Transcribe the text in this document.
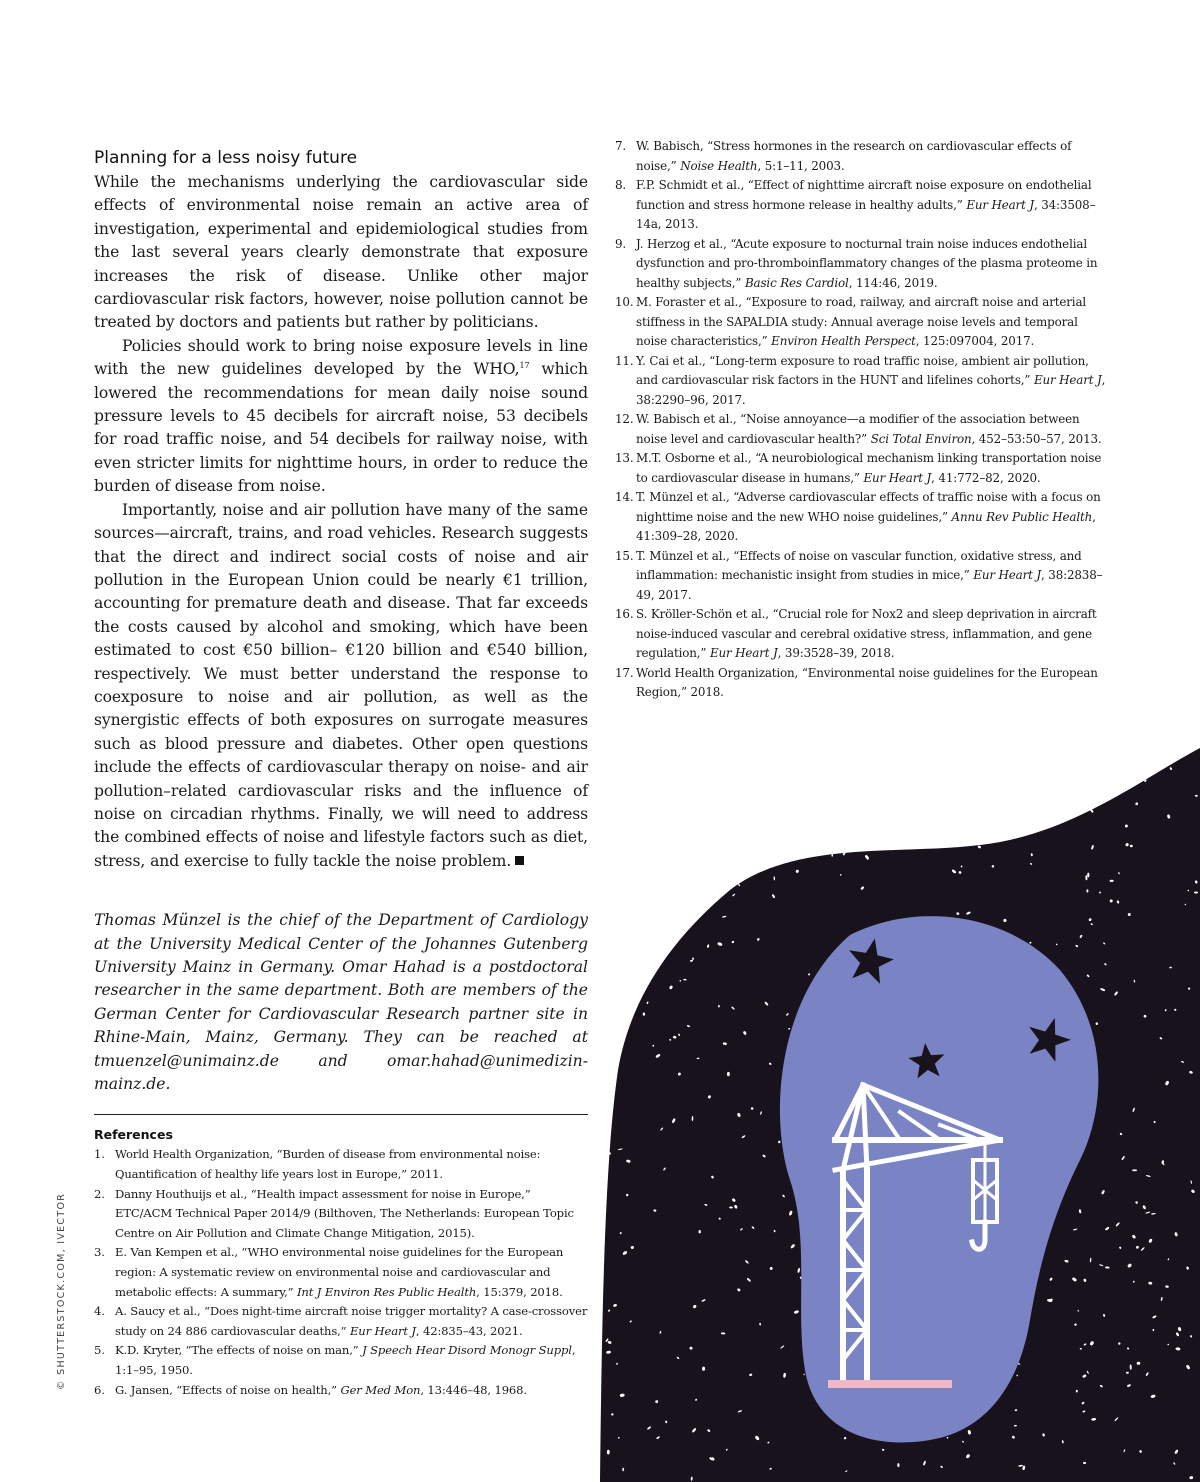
Planning for a less noisy future

While the mechanisms underlying the cardiovascular side effects of environmental noise remain an active area of investigation, experimental and epidemiological studies from the last several years clearly demonstrate that exposure increases the risk of disease. Unlike other major cardiovascular risk factors, however, noise pollution cannot be treated by doctors and patients but rather by politicians.

Policies should work to bring noise exposure levels in line with the new guidelines developed by the WHO,$^{17}$ which lowered the recommendations for mean daily noise sound pressure levels to 45 decibels for aircraft noise, 53 decibels for road traffic noise, and 54 decibels for railway noise, with even stricter limits for nighttime hours, in order to reduce the burden of disease from noise.

Importantly, noise and air pollution have many of the same sources—aircraft, trains, and road vehicles. Research suggests that the direct and indirect social costs of noise and air pollution in the European Union could be nearly €1 trillion, accounting for premature death and disease. That far exceeds the costs caused by alcohol and smoking, which have been estimated to cost €50 billion– €120 billion and €540 billion, respectively. We must better understand the response to coexposure to noise and air pollution, as well as the synergistic effects of both exposures on surrogate measures such as blood pressure and diabetes. Other open questions include the effects of cardiovascular therapy on noise- and air pollution–related cardiovascular risks and the influence of noise on circadian rhythms. Finally, we will need to address the combined effects of noise and lifestyle factors such as diet, stress, and exercise to fully tackle the noise problem.

Thomas Münzel is the chief of the Department of Cardiology at the University Medical Center of the Johannes Gutenberg University Mainz in Germany. Omar Hahad is a postdoctoral researcher in the same department. Both are members of the German Center for Cardiovascular Research partner site in Rhine-Main, Mainz, Germany. They can be reached at tmuenzel@unimainz.de and omar.hahad@unimedizin-mainz.de.
References
1. World Health Organization, “Burden of disease from environmental noise: Quantification of healthy life years lost in Europe,” 2011.
2. Danny Houthuijs et al., “Health impact assessment for noise in Europe,” ETC/ACM Technical Paper 2014/9 (Bilthoven, The Netherlands: European Topic Centre on Air Pollution and Climate Change Mitigation, 2015).
3. E. Van Kempen et al., “WHO environmental noise guidelines for the European region: A systematic review on environmental noise and cardiovascular and metabolic effects: A summary,” Int J Environ Res Public Health, 15:379, 2018.
4. A. Saucy et al., “Does night-time aircraft noise trigger mortality? A case-crossover study on 24 886 cardiovascular deaths,” Eur Heart J, 42:835–43, 2021.
5. K.D. Kryter, “The effects of noise on man,” J Speech Hear Disord Monogr Suppl, 1:1–95, 1950.
6. G. Jansen, “Effects of noise on health,” Ger Med Mon, 13:446–48, 1968.
7. W. Babisch, “Stress hormones in the research on cardiovascular effects of noise,” Noise Health, 5:1–11, 2003.
8. F.P. Schmidt et al., “Effect of nighttime aircraft noise exposure on endothelial function and stress hormone release in healthy adults,” Eur Heart J, 34:3508–14a, 2013.
9. J. Herzog et al., “Acute exposure to nocturnal train noise induces endothelial dysfunction and pro-thromboinflammatory changes of the plasma proteome in healthy subjects,” Basic Res Cardiol, 114:46, 2019.
10. M. Foraster et al., “Exposure to road, railway, and aircraft noise and arterial stiffness in the SAPALDIA study: Annual average noise levels and temporal noise characteristics,” Environ Health Perspect, 125:097004, 2017.
11. Y. Cai et al., “Long-term exposure to road traffic noise, ambient air pollution, and cardiovascular risk factors in the HUNT and lifelines cohorts,” Eur Heart J, 38:2290–96, 2017.
12. W. Babisch et al., “Noise annoyance—a modifier of the association between noise level and cardiovascular health?” Sci Total Environ, 452–53:50–57, 2013.
13. M.T. Osborne et al., “A neurobiological mechanism linking transportation noise to cardiovascular disease in humans,” Eur Heart J, 41:772–82, 2020.
14. T. Münzel et al., “Adverse cardiovascular effects of traffic noise with a focus on nighttime noise and the new WHO noise guidelines,” Annu Rev Public Health, 41:309–28, 2020.
15. T. Münzel et al., “Effects of noise on vascular function, oxidative stress, and inflammation: mechanistic insight from studies in mice,” Eur Heart J, 38:2838–49, 2017.
16. S. Kröller-Schön et al., “Crucial role for Nox2 and sleep deprivation in aircraft noise-induced vascular and cerebral oxidative stress, inflammation, and gene regulation,” Eur Heart J, 39:3528–39, 2018.
17. World Health Organization, “Environmental noise guidelines for the European Region,” 2018.
© SHUTTERSTOCK.COM, IVECTOR
